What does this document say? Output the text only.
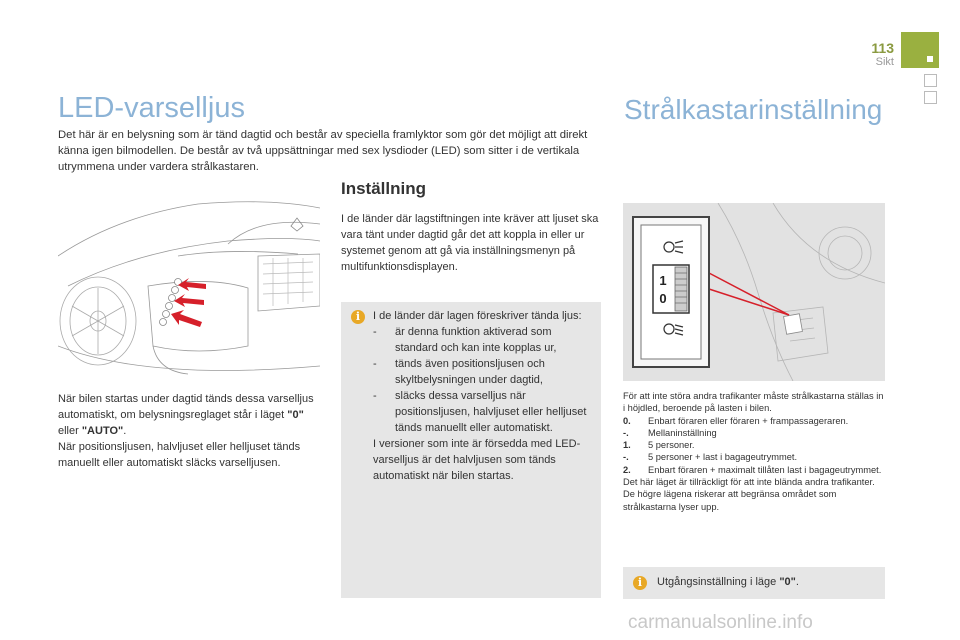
113
Sikt
LED-varselljus	Strålkastarinställning
Det här är en belysning som är tänd dagtid och består av speciella framlyktor som gör det möjligt att direkt känna igen bilmodellen. De består av två uppsättningar med sex lysdioder (LED) som sitter i de vertikala utrymmena under vardera strålkastaren.
När bilen startas under dagtid tänds dessa varselljus automatiskt, om belysningsreglaget står i läget "0" eller "AUTO".
När positionsljusen, halvljuset eller helljuset tänds manuellt eller automatiskt släcks varselljusen.
Inställning
I de länder där lagstiftningen inte kräver att ljuset ska vara tänt under dagtid går det att koppla in eller ur systemet genom att gå via inställningsmenyn på multifunktionsdisplayen.
i	I de länder där lagen föreskriver tända ljus:
-	är denna funktion aktiverad som standard och kan inte kopplas ur,
-	tänds även positionsljusen och skyltbelysningen under dagtid,
-	släcks dessa varselljus när positionsljusen, halvljuset eller helljuset tänds manuellt eller automatiskt.
I versioner som inte är försedda med LED-varselljus är det halvljusen som tänds automatiskt när bilen startas.
1
0
För att inte störa andra trafikanter måste strålkastarna ställas in i höjdled, beroende på lasten i bilen.
0.	Enbart föraren eller föraren + frampassageraren.
-.	Mellaninställning
1.	5 personer.
-.	5 personer + last i bagageutrymmet.
2.	Enbart föraren + maximalt tillåten last i bagageutrymmet.
Det här läget är tillräckligt för att inte blända andra trafikanter.
De högre lägena riskerar att begränsa området som strålkastarna lyser upp.
i	Utgångsinställning i läge "0".
carmanualsonline.info
